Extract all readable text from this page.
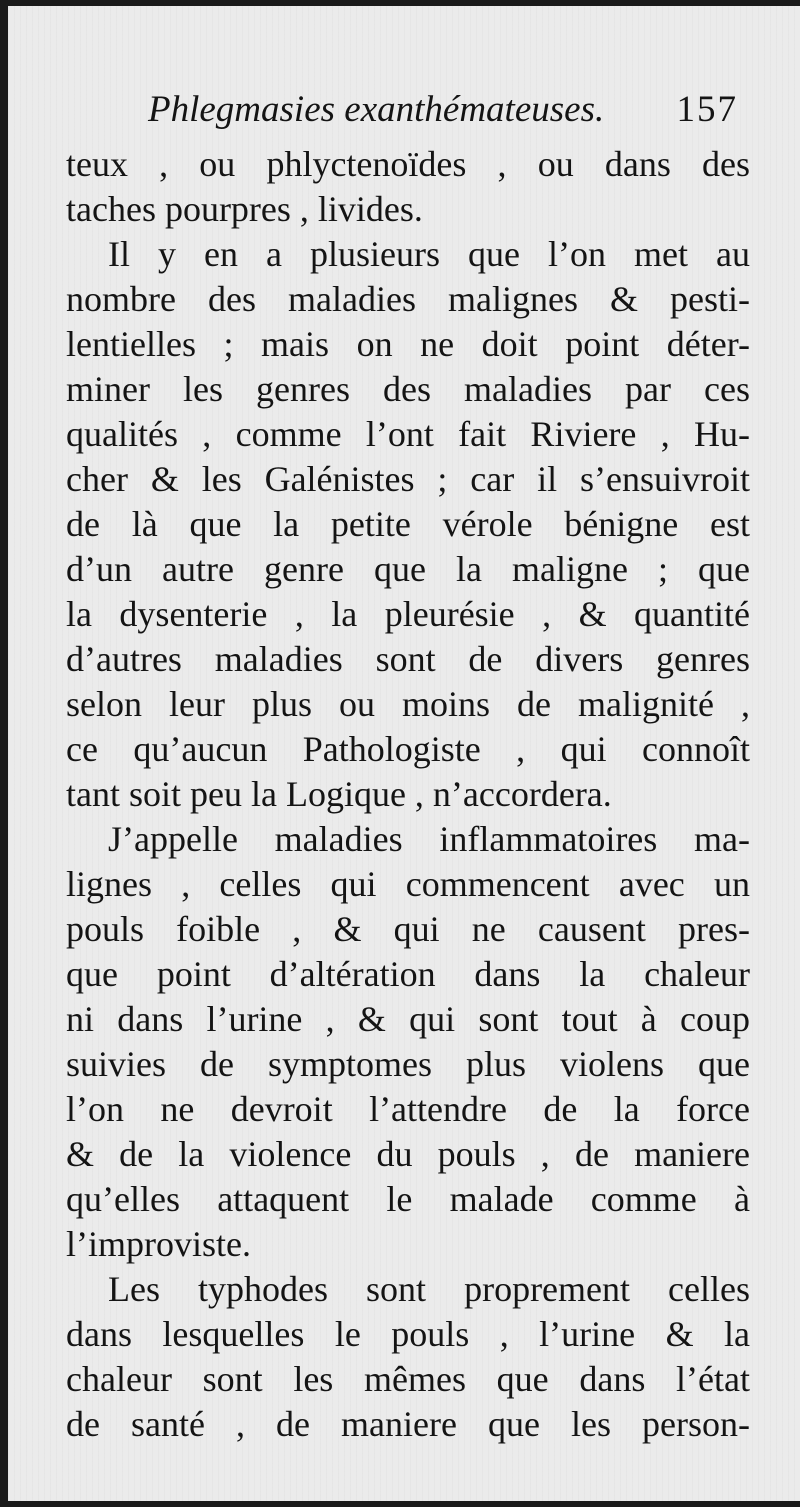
Phlegmasies exanthémateuses. 157
teux , ou phlyctenoïdes , ou dans des
taches pourpres , livides.
Il y en a plusieurs que l’on met au
nombre des maladies malignes & pesti-
lentielles ; mais on ne doit point déter-
miner les genres des maladies par ces
qualités , comme l’ont fait Riviere , Hu-
cher & les Galénistes ; car il s’ensuivroit
de là que la petite vérole bénigne est
d’un autre genre que la maligne ; que
la dysenterie , la pleurésie , & quantité
d’autres maladies sont de divers genres
selon leur plus ou moins de malignité ,
ce qu’aucun Pathologiste , qui connoît
tant soit peu la Logique , n’accordera.
J’appelle maladies inflammatoires ma-
lignes , celles qui commencent avec un
pouls foible , & qui ne causent pres-
que point d’altération dans la chaleur
ni dans l’urine , & qui sont tout à coup
suivies de symptomes plus violens que
l’on ne devroit l’attendre de la force
& de la violence du pouls , de maniere
qu’elles attaquent le malade comme à
l’improviste.
Les typhodes sont proprement celles
dans lesquelles le pouls , l’urine & la
chaleur sont les mêmes que dans l’état
de santé , de maniere que les person-
